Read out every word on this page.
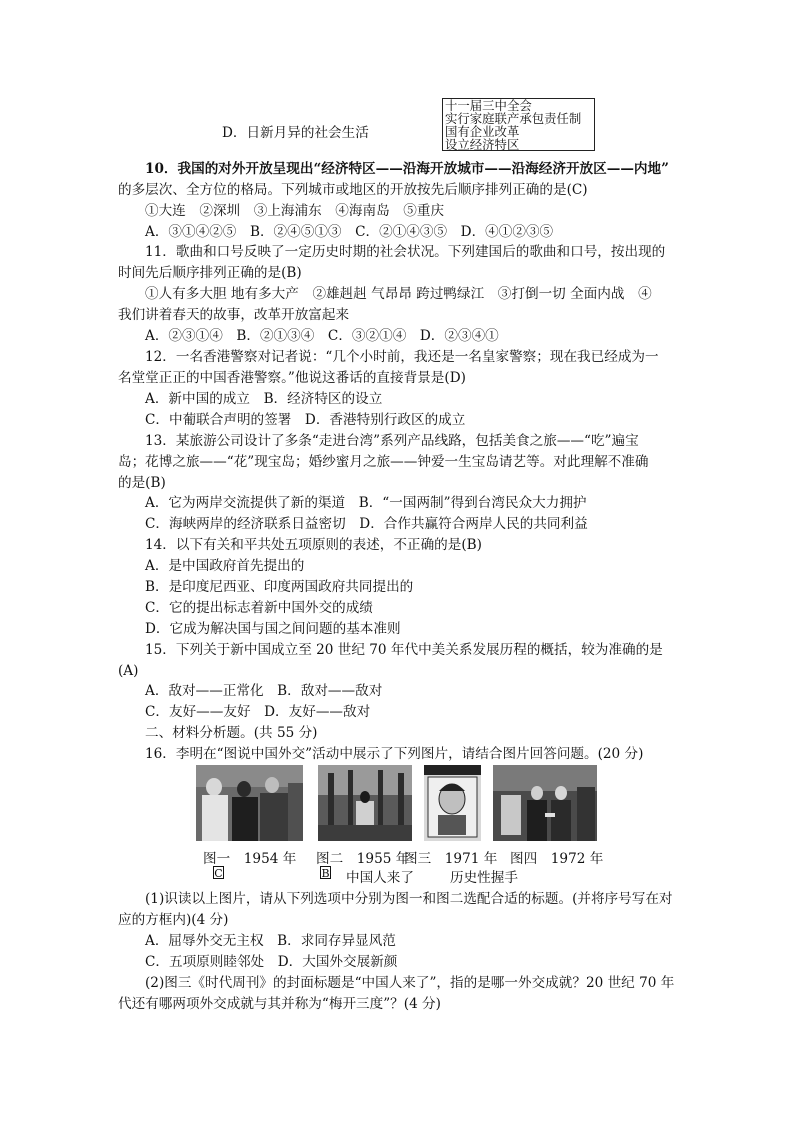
D．日新月异的社会生活
十一届三中全会
实行家庭联产承包责任制
国有企业改革
设立经济特区
10．我国的对外开放呈现出“经济特区——沿海开放城市——沿海经济开放区——内地”
的多层次、全方位的格局。下列城市或地区的开放按先后顺序排列正确的是(C)
①大连　②深圳　③上海浦东　④海南岛　⑤重庆
A．③①④②⑤　B．②④⑤①③　C．②①④③⑤　D．④①②③⑤
11．歌曲和口号反映了一定历史时期的社会状况。下列建国后的歌曲和口号，按出现的
时间先后顺序排列正确的是(B)
①人有多大胆 地有多大产　②雄赳赳 气昂昂 跨过鸭绿江　③打倒一切 全面内战　④
我们讲着春天的故事，改革开放富起来
A．②③①④　B．②①③④　C．③②①④　D．②③④①
12．一名香港警察对记者说：“几个小时前，我还是一名皇家警察；现在我已经成为一
名堂堂正正的中国香港警察。”他说这番话的直接背景是(D)
A．新中国的成立　B．经济特区的设立
C．中葡联合声明的签署　D．香港特别行政区的成立
13．某旅游公司设计了多条“走进台湾”系列产品线路，包括美食之旅——“吃”遍宝
岛；花博之旅——“花”现宝岛；婚纱蜜月之旅——钟爱一生宝岛请艺等。对此理解不准确
的是(B)
A．它为两岸交流提供了新的渠道　B．“一国两制”得到台湾民众大力拥护
C．海峡两岸的经济联系日益密切　D．合作共赢符合两岸人民的共同利益
14．以下有关和平共处五项原则的表述，不正确的是(B)
A．是中国政府首先提出的
B．是印度尼西亚、印度两国政府共同提出的
C．它的提出标志着新中国外交的成绩
D．它成为解决国与国之间问题的基本准则
15．下列关于新中国成立至 20 世纪 70 年代中美关系发展历程的概括，较为准确的是
(A)
A．敌对——正常化　B．敌对——敌对
C．友好——友好　D．友好——敌对
二、材料分析题。(共 55 分)
16．李明在“图说中国外交”活动中展示了下列图片，请结合图片回答问题。(20 分)
图一　1954 年 图二　1955 年
图三　1971 年 图四　1972 年
C	B 中国人来了	历史性握手
(1)识读以上图片，请从下列选项中分别为图一和图二选配合适的标题。(并将序号写在对
应的方框内)(4 分)
A．屈辱外交无主权　B．求同存异显风范
C．五项原则睦邻处　D．大国外交展新颜
(2)图三《时代周刊》的封面标题是“中国人来了”，指的是哪一外交成就？20 世纪 70 年
代还有哪两项外交成就与其并称为“梅开三度”？(4 分)
